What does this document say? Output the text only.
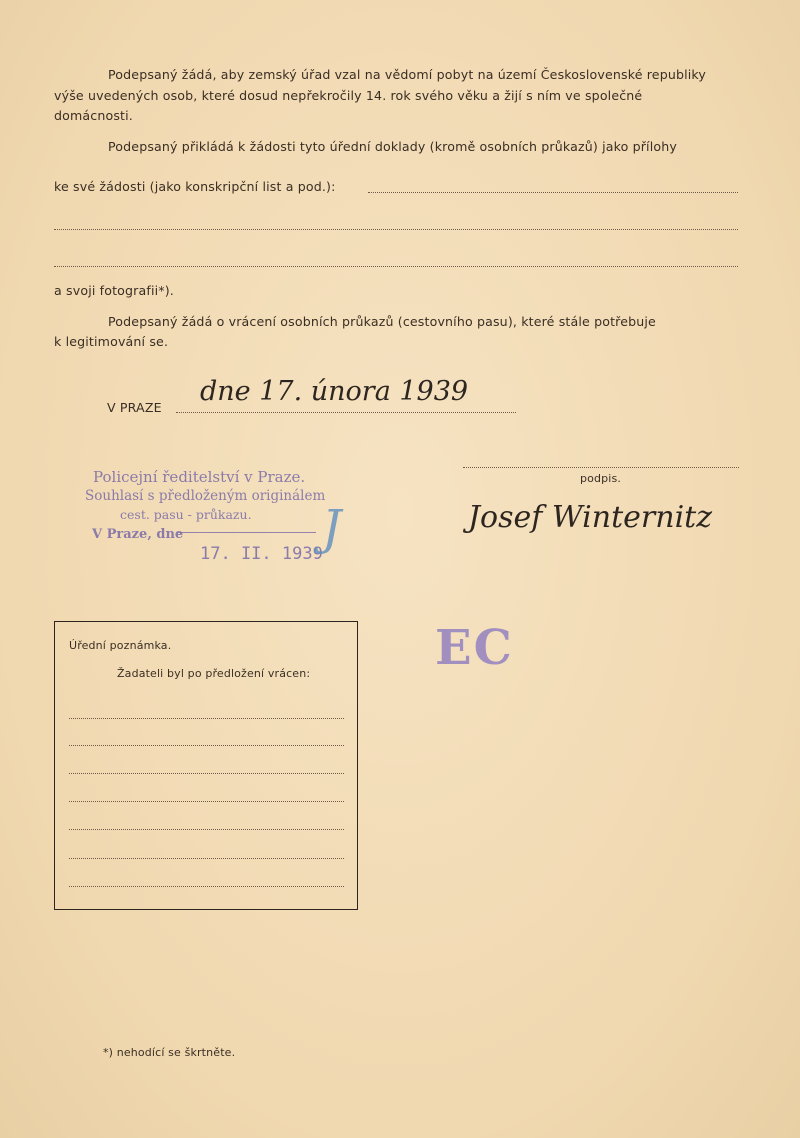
Podepsaný žádá, aby zemský úřad vzal na vědomí pobyt na území Československé republiky
výše uvedených osob, které dosud nepřekročily 14. rok svého věku a žijí s ním ve společné
domácnosti.
Podepsaný přikládá k žádosti tyto úřední doklady (kromě osobních průkazů) jako přílohy
ke své žádosti (jako konskripční list a pod.):
a svoji fotografii*).
Podepsaný žádá o vrácení osobních průkazů (cestovního pasu), které stále potřebuje
k legitimování se.
V PRAZE
dne 17. února 1939
podpis.
Josef Winternitz
Policejní ředitelství v Praze.
Souhlasí s předloženým originálem
cest. pasu - průkazu.
V Praze, dne
17. II. 1939 J
EC
Úřední poznámka.
Žadateli byl po předložení vrácen:
*) nehodící se škrtněte.
